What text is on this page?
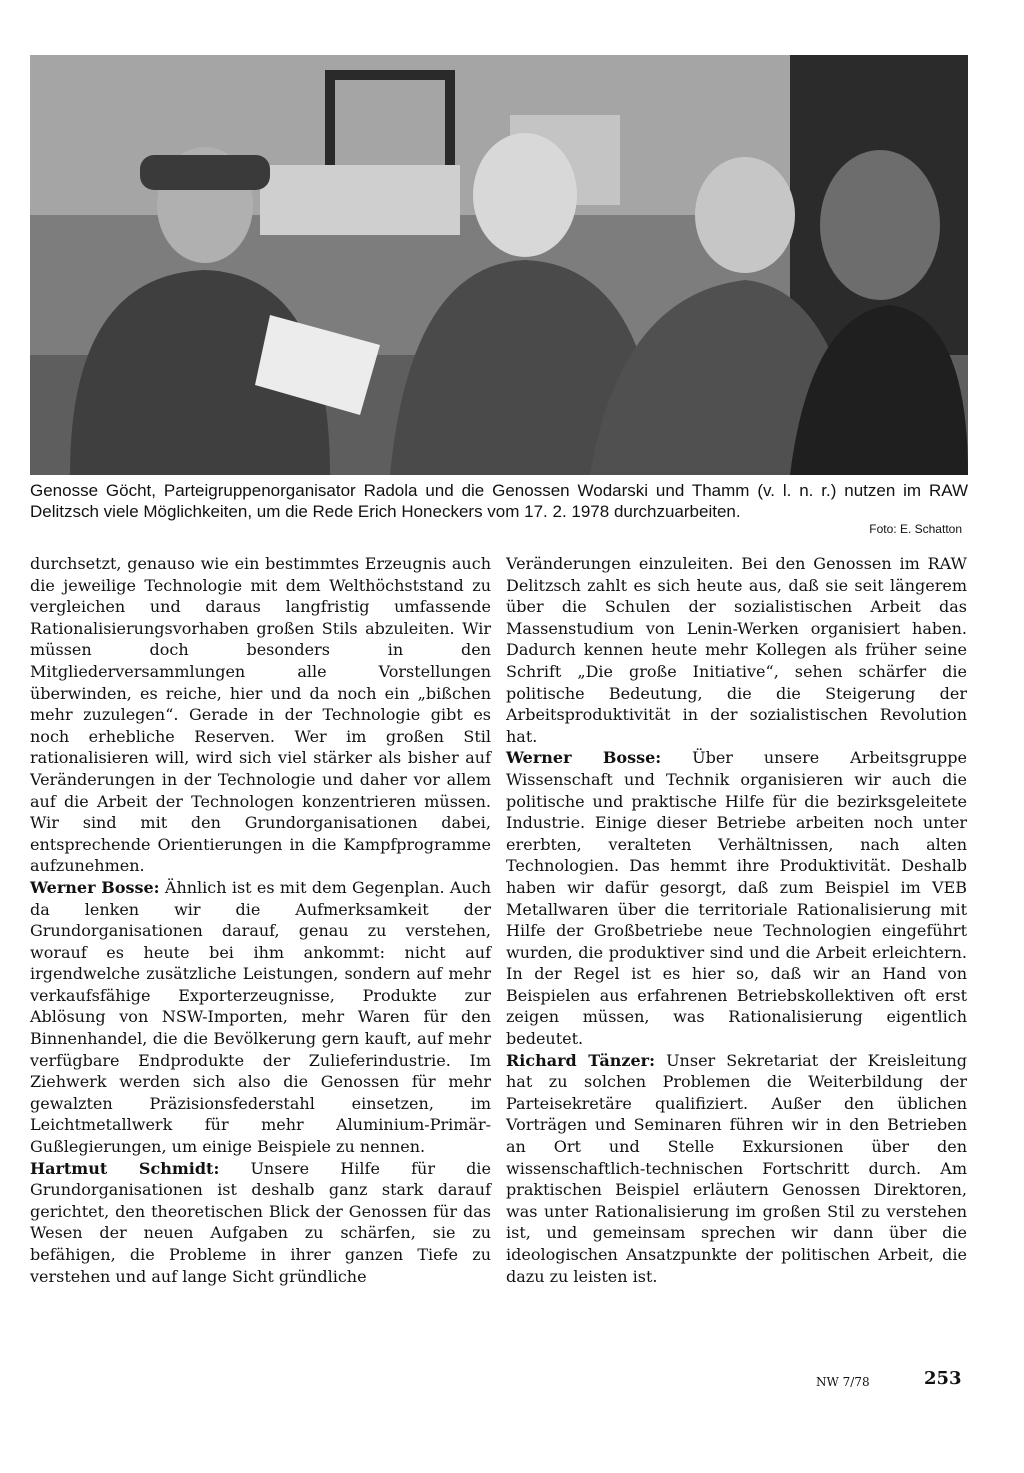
Genosse Göcht, Parteigruppenorganisator Radola und die Genossen Wodarski und Thamm (v. l. n. r.) nutzen im RAW Delitzsch viele Möglichkeiten, um die Rede Erich Honeckers vom 17. 2. 1978 durchzuarbeiten.

Foto: E. Schatton

durchsetzt, genauso wie ein bestimmtes Erzeugnis auch die jeweilige Technologie mit dem Welthöchststand zu vergleichen und daraus langfristig umfassende Rationalisierungsvorhaben großen Stils abzuleiten. Wir müssen doch besonders in den Mitgliederversammlungen alle Vorstellungen überwinden, es reiche, hier und da noch ein „bißchen mehr zuzulegen“. Gerade in der Technologie gibt es noch erhebliche Reserven. Wer im großen Stil rationalisieren will, wird sich viel stärker als bisher auf Veränderungen in der Technologie und daher vor allem auf die Arbeit der Technologen konzentrieren müssen. Wir sind mit den Grundorganisationen dabei, entsprechende Orientierungen in die Kampfprogramme aufzunehmen.

Werner Bosse: Ähnlich ist es mit dem Gegenplan. Auch da lenken wir die Aufmerksamkeit der Grundorganisationen darauf, genau zu verstehen, worauf es heute bei ihm ankommt: nicht auf irgendwelche zusätzliche Leistungen, sondern auf mehr verkaufsfähige Exporterzeugnisse, Produkte zur Ablösung von NSW-Importen, mehr Waren für den Binnenhandel, die die Bevölkerung gern kauft, auf mehr verfügbare Endprodukte der Zulieferindustrie. Im Ziehwerk werden sich also die Genossen für mehr gewalzten Präzisionsfederstahl einsetzen, im Leichtmetallwerk für mehr Aluminium-Primär-Gußlegierungen, um einige Beispiele zu nennen.

Hartmut Schmidt: Unsere Hilfe für die Grundorganisationen ist deshalb ganz stark darauf gerichtet, den theoretischen Blick der Genossen für das Wesen der neuen Aufgaben zu schärfen, sie zu befähigen, die Probleme in ihrer ganzen Tiefe zu verstehen und auf lange Sicht gründliche

Veränderungen einzuleiten. Bei den Genossen im RAW Delitzsch zahlt es sich heute aus, daß sie seit längerem über die Schulen der sozialistischen Arbeit das Massenstudium von Lenin-Werken organisiert haben. Dadurch kennen heute mehr Kollegen als früher seine Schrift „Die große Initiative“, sehen schärfer die politische Bedeutung, die die Steigerung der Arbeitsproduktivität in der sozialistischen Revolution hat.

Werner Bosse: Über unsere Arbeitsgruppe Wissenschaft und Technik organisieren wir auch die politische und praktische Hilfe für die bezirksgeleitete Industrie. Einige dieser Betriebe arbeiten noch unter ererbten, veralteten Verhältnissen, nach alten Technologien. Das hemmt ihre Produktivität. Deshalb haben wir dafür gesorgt, daß zum Beispiel im VEB Metallwaren über die territoriale Rationalisierung mit Hilfe der Großbetriebe neue Technologien eingeführt wurden, die produktiver sind und die Arbeit erleichtern. In der Regel ist es hier so, daß wir an Hand von Beispielen aus erfahrenen Betriebskollektiven oft erst zeigen müssen, was Rationalisierung eigentlich bedeutet.

Richard Tänzer: Unser Sekretariat der Kreisleitung hat zu solchen Problemen die Weiterbildung der Parteisekretäre qualifiziert. Außer den üblichen Vorträgen und Seminaren führen wir in den Betrieben an Ort und Stelle Exkursionen über den wissenschaftlich-technischen Fortschritt durch. Am praktischen Beispiel erläutern Genossen Direktoren, was unter Rationalisierung im großen Stil zu verstehen ist, und gemeinsam sprechen wir dann über die ideologischen Ansatzpunkte der politischen Arbeit, die dazu zu leisten ist.

NW 7/78	253
